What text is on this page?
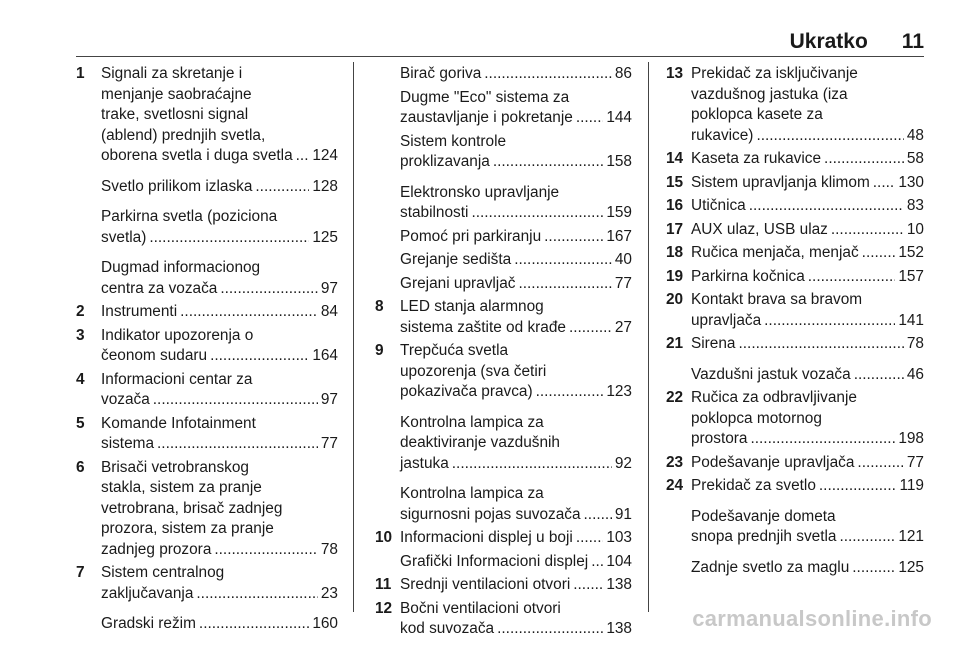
Ukratko 11
1	Signali za skretanje i
menjanje saobraćajne
trake, svetlosni signal
(ablend) prednjih svetla,
oborena svetla i duga svetla ..... 124
Svetlo prilikom izlaska .....	128
Parkirna svetla (poziciona
svetla) .....	125
Dugmad informacionog
centra za vozača .....	97
2	Instrumenti .....	84
3	Indikator upozorenja o
čeonom sudaru .....	164
4	Informacioni centar za
vozača .....	97
5	Komande Infotainment
sistema .....	77
6	Brisači vetrobranskog
stakla, sistem za pranje
vetrobrana, brisač zadnjeg
prozora, sistem za pranje
zadnjeg prozora .....	78
7	Sistem centralnog
zaključavanja .....	23
Gradski režim .....	160
Birač goriva .....	86
Dugme "Eco" sistema za
zaustavljanje i pokretanje ..... 144
Sistem kontrole
proklizavanja .....	158
Elektronsko upravljanje
stabilnosti .....	159
Pomoć pri parkiranju .....	167
Grejanje sedišta .....	40
Grejani upravljač .....	77
8	LED stanja alarmnog
sistema zaštite od krađe .....	27
9	Trepčuća svetla
upozorenja (sva četiri
pokazivača pravca) .....	123
Kontrolna lampica za
deaktiviranje vazdušnih
jastuka .....	92
Kontrolna lampica za
sigurnosni pojas suvozača ..... 91
10 Informacioni displej u boji ..... 103
Grafički Informacioni displej ..... 104
11 Srednji ventilacioni otvori ..... 138
12 Bočni ventilacioni otvori
kod suvozača .....	138
13 Prekidač za isključivanje
vazdušnog jastuka (iza
poklopca kasete za
rukavice) .....	48
14 Kaseta za rukavice .....	58
15 Sistem upravljanja klimom ..... 130
16 Utičnica .....	83
17 AUX ulaz, USB ulaz .....	10
18 Ručica menjača, menjač .....	152
19 Parkirna kočnica .....	157
20 Kontakt brava sa bravom
upravljača .....	141
21 Sirena .....	78
Vazdušni jastuk vozača .....	46
22 Ručica za odbravljivanje
poklopca motornog
prostora .....	198
23 Podešavanje upravljača .....	77
24 Prekidač za svetlo .....	119
Podešavanje dometa
snopa prednjih svetla .....	121
Zadnje svetlo za maglu .....	125
carmanualsonline.info
